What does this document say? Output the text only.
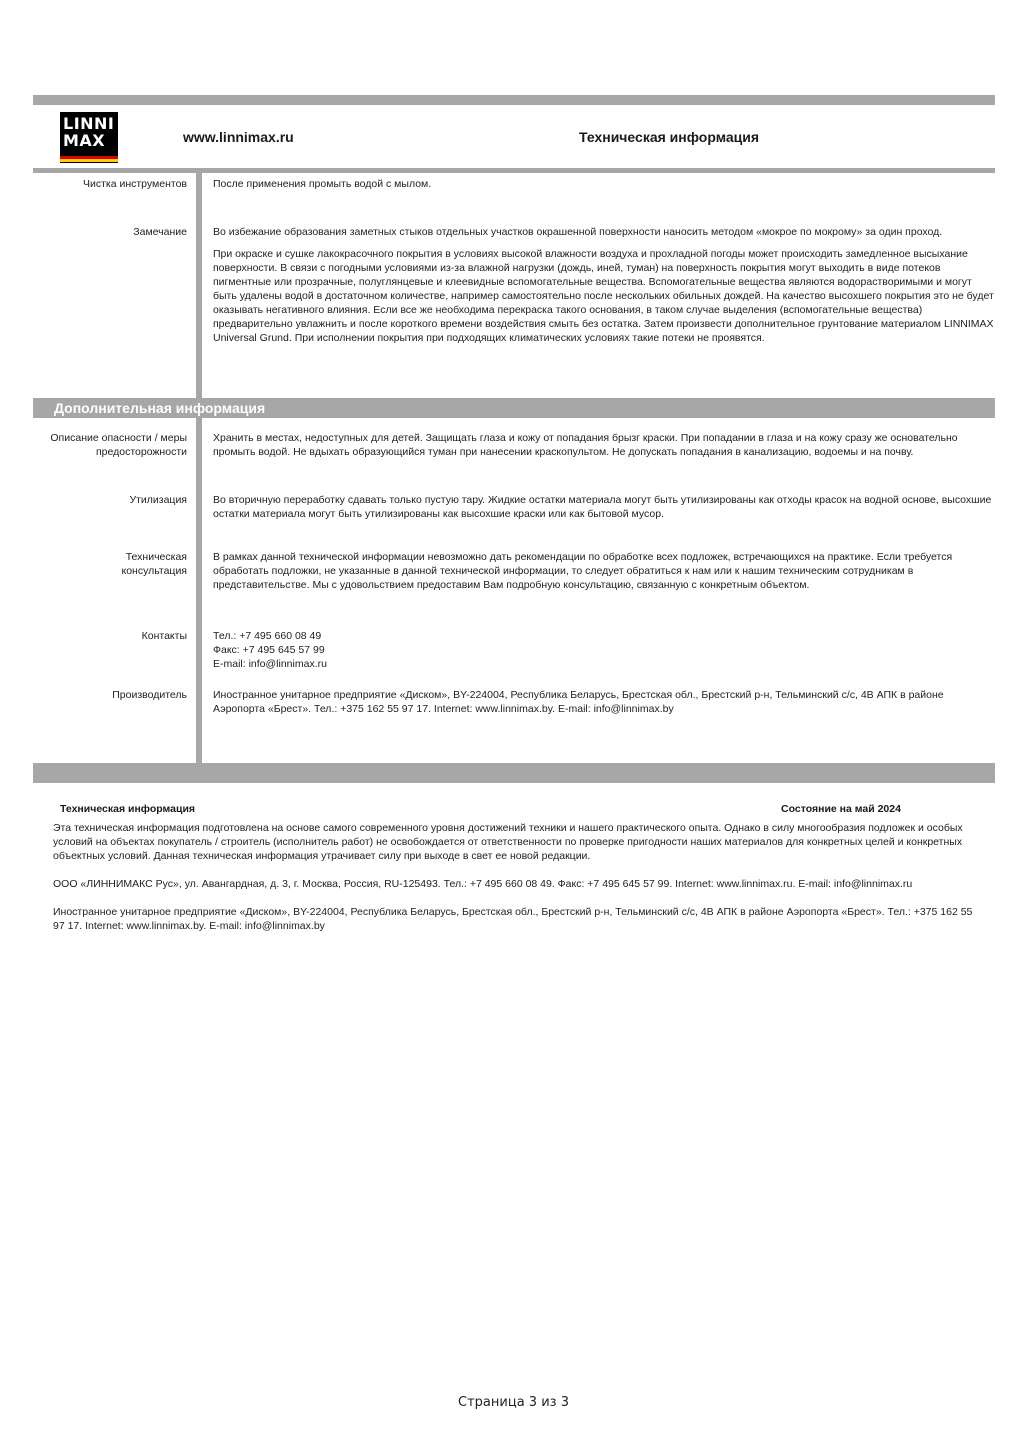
LINNI
MAX	www.linnimax.ru	Техническая информация
Чистка инструментов После применения промыть водой с мылом.

Замечание Во избежание образования заметных стыков отдельных участков окрашенной поверхности наносить методом «мокрое по мокрому» за один проход.

При окраске и сушке лакокрасочного покрытия в условиях высокой влажности воздуха и прохладной погоды может происходить замедленное высыхание поверхности. В связи с погодными условиями из-за влажной нагрузки (дождь, иней, туман) на поверхность покрытия могут выходить в виде потеков пигментные или прозрачные, полуглянцевые и клеевидные вспомогательные вещества. Вспомогательные вещества являются водорастворимыми и могут быть удалены водой в достаточном количестве, например самостоятельно после нескольких обильных дождей. На качество высохшего покрытия это не будет оказывать негативного влияния. Если все же необходима перекраска такого основания, в таком случае выделения (вспомогательные вещества) предварительно увлажнить и после короткого времени воздействия смыть без остатка. Затем произвести дополнительное грунтование материалом LINNIMAX Universal Grund. При исполнении покрытия при подходящих климатических условиях такие потеки не проявятся.

Дополнительная информация
Описание опасности / меры предосторожности

Хранить в местах, недоступных для детей. Защищать глаза и кожу от попадания брызг краски. При попадании в глаза и на кожу сразу же основательно промыть водой. Не вдыхать образующийся туман при нанесении краскопультом. Не допускать попадания в канализацию, водоемы и на почву.

Утилизация Во вторичную переработку сдавать только пустую тару. Жидкие остатки материала могут быть утилизированы как отходы красок на водной основе, высохшие остатки материала могут быть утилизированы как высохшие краски или как бытовой мусор.

Техническая консультация

В рамках данной технической информации невозможно дать рекомендации по обработке всех подложек, встречающихся на практике. Если требуется обработать подложки, не указанные в данной технической информации, то следует обратиться к нам или к нашим техническим сотрудникам в представительстве. Мы с удовольствием предоставим Вам подробную консультацию, связанную с конкретным объектом.

Контакты Тел.: +7 495 660 08 49

Факс: +7 495 645 57 99

E-mail: info@linnimax.ru

Производитель Иностранное унитарное предприятие «Диском», BY-224004, Республика Беларусь, Брестская обл., Брестский р-н, Тельминский с/с, 4В АПК в районе Аэропорта «Брест». Тел.: +375 162 55 97 17. Internet: www.linnimax.by. E-mail: info@linnimax.by

Техническая информация	Состояние на май 2024

Эта техническая информация подготовлена на основе самого современного уровня достижений техники и нашего практического опыта. Однако в силу многообразия подложек и особых условий на объектах покупатель / строитель (исполнитель работ) не освобождается от ответственности по проверке пригодности наших материалов для конкретных целей и конкретных объектных условий. Данная техническая информация утрачивает силу при выходе в свет ее новой редакции.

ООО «ЛИННИМАКС Рус», ул. Авангардная, д. 3, г. Москва, Россия, RU-125493. Тел.: +7 495 660 08 49. Факс: +7 495 645 57 99. Internet: www.linnimax.ru. E-mail: info@linnimax.ru

Иностранное унитарное предприятие «Диском», BY-224004, Республика Беларусь, Брестская обл., Брестский р-н, Тельминский с/с, 4В АПК в районе Аэропорта «Брест». Тел.: +375 162 55 97 17. Internet: www.linnimax.by. E-mail: info@linnimax.by

Страница 3 из 3
